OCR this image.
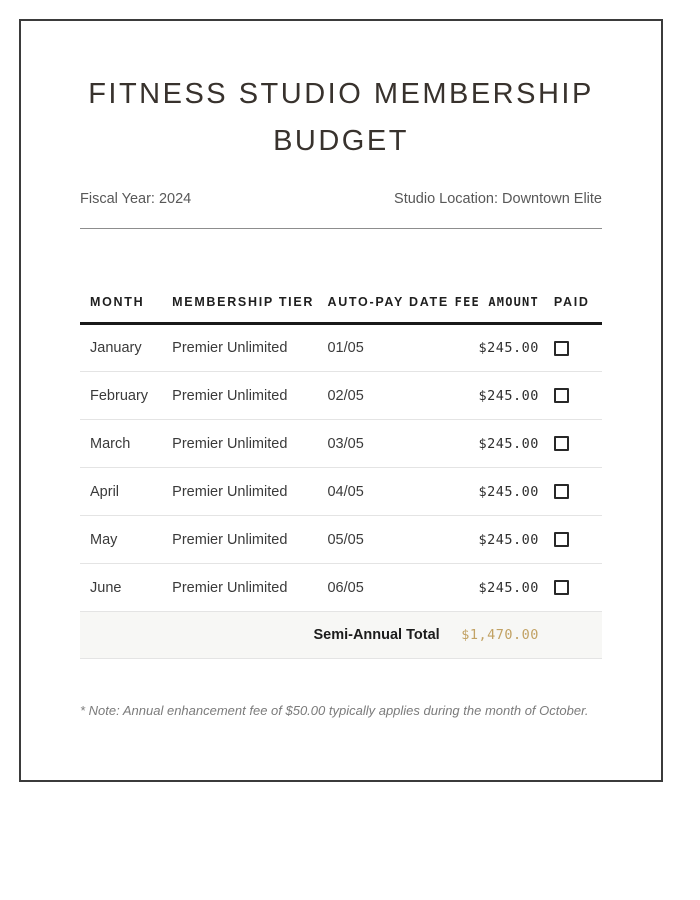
FITNESS STUDIO MEMBERSHIP BUDGET
Fiscal Year: 2024	Studio Location: Downtown Elite
MONTH	MEMBERSHIP TIER	AUTO-PAY DATE	FEE AMOUNT	PAID
January	Premier Unlimited	01/05	$245.00	
February	Premier Unlimited	02/05	$245.00	
March	Premier Unlimited	03/05	$245.00	
April	Premier Unlimited	04/05	$245.00	
May	Premier Unlimited	05/05	$245.00	
June	Premier Unlimited	06/05	$245.00	
Semi-Annual Total			$1,470.00	

* Note: Annual enhancement fee of $50.00 typically applies during the month of October.
